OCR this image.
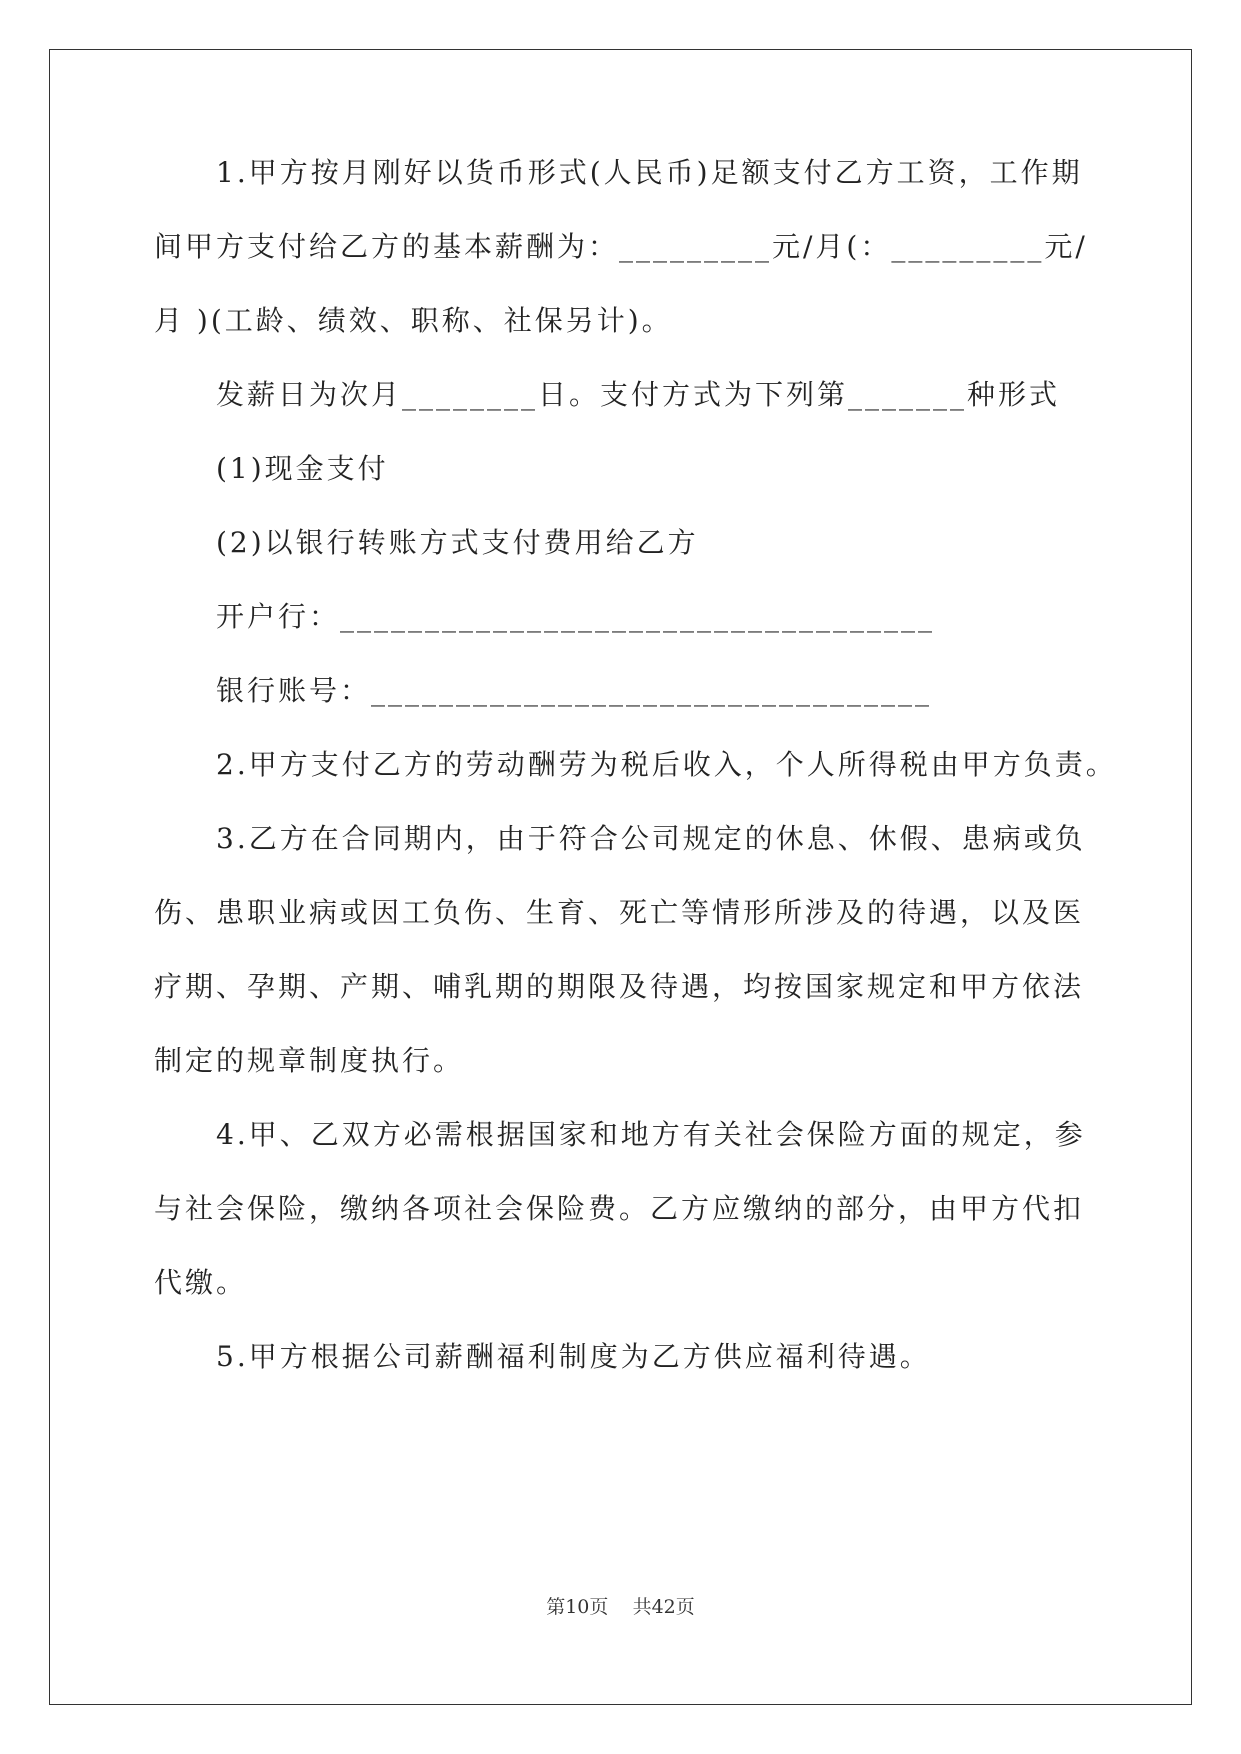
1.甲方按月刚好以货币形式(人民币)足额支付乙方工资，工作期
间甲方支付给乙方的基本薪酬为：_________元/月(：_________元/
月 )(工龄、绩效、职称、社保另计)。
发薪日为次月________日。支付方式为下列第_______种形式
(1)现金支付
(2)以银行转账方式支付费用给乙方
开户行：___________________________________
银行账号：_________________________________
2.甲方支付乙方的劳动酬劳为税后收入，个人所得税由甲方负责。
3.乙方在合同期内，由于符合公司规定的休息、休假、患病或负
伤、患职业病或因工负伤、生育、死亡等情形所涉及的待遇，以及医
疗期、孕期、产期、哺乳期的期限及待遇，均按国家规定和甲方依法
制定的规章制度执行。
4.甲、乙双方必需根据国家和地方有关社会保险方面的规定，参
与社会保险，缴纳各项社会保险费。乙方应缴纳的部分，由甲方代扣
代缴。
5.甲方根据公司薪酬福利制度为乙方供应福利待遇。
第10页 共42页
